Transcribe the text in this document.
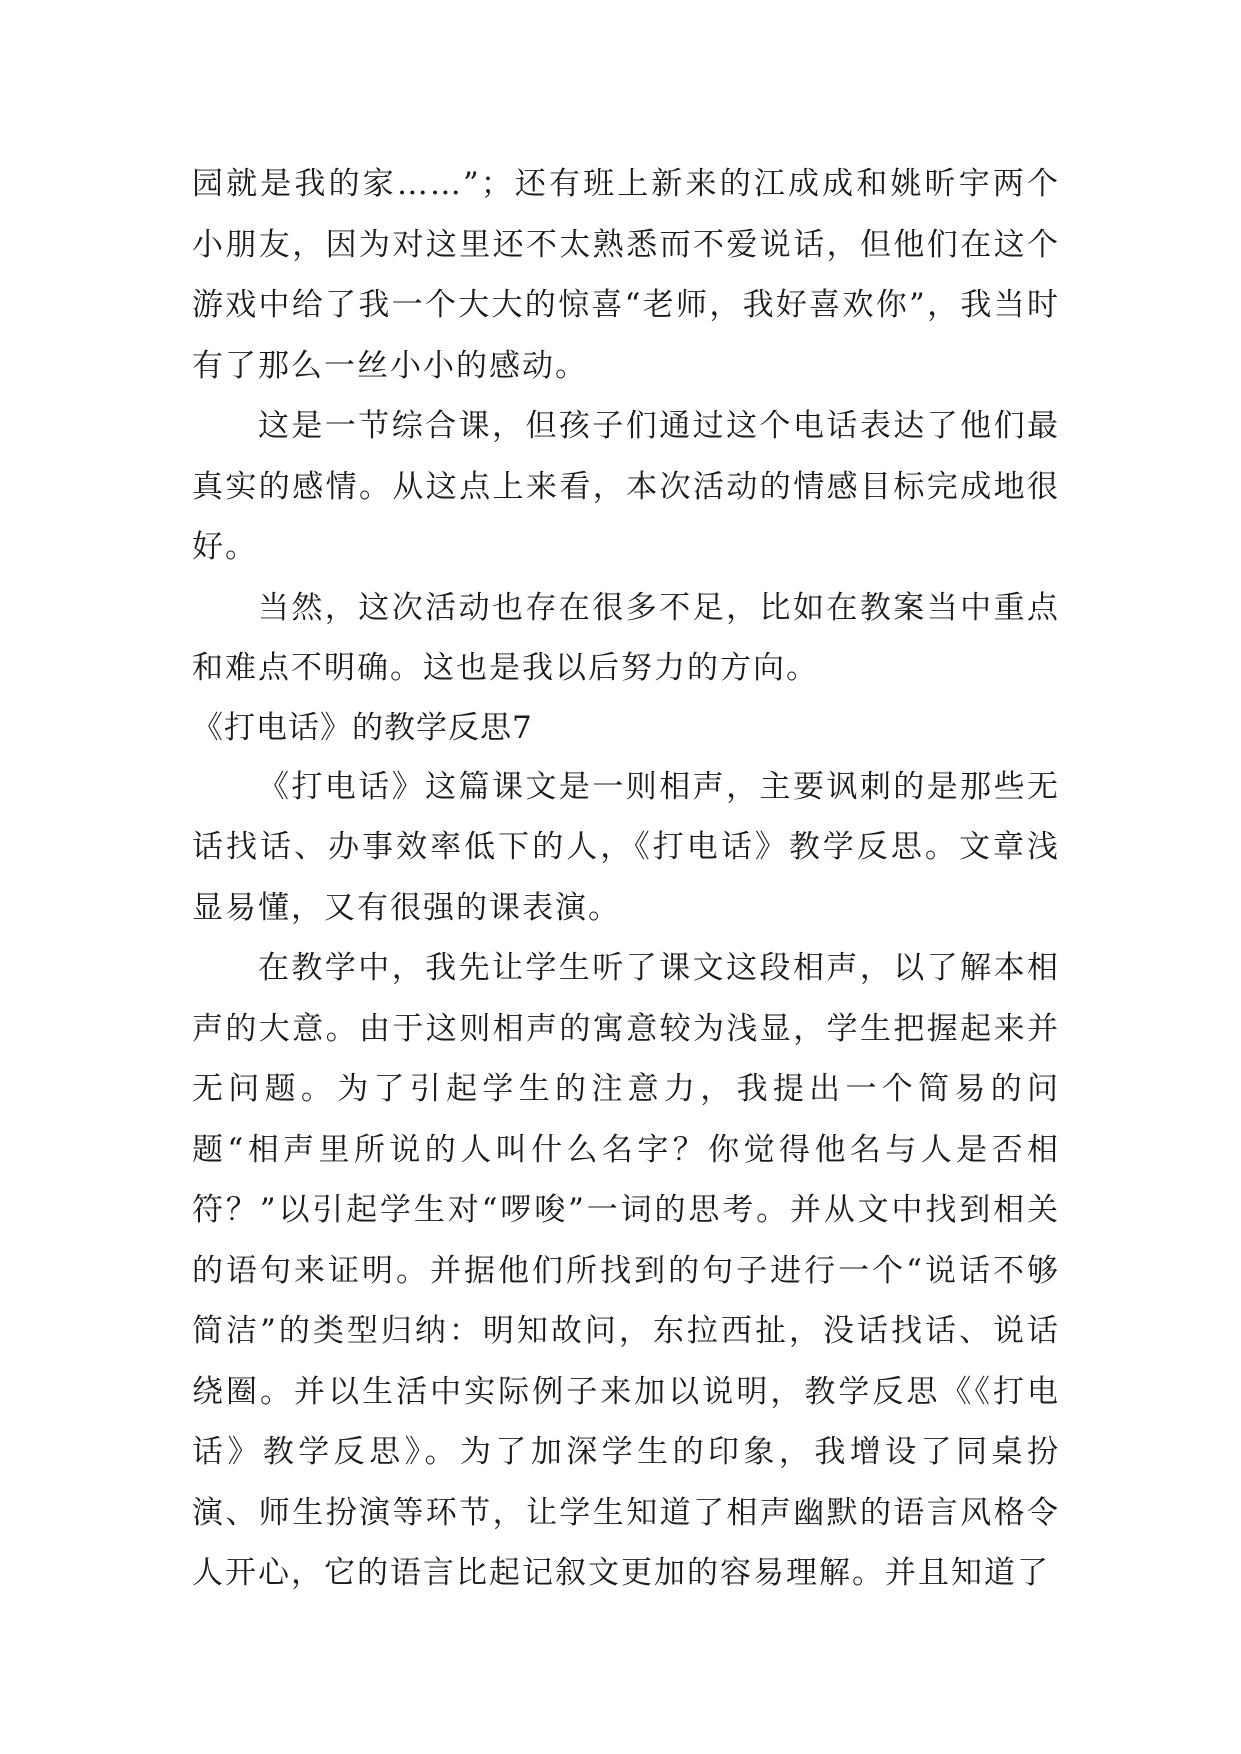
园就是我的家……”；还有班上新来的江成成和姚昕宇两个小朋友，因为对这里还不太熟悉而不爱说话，但他们在这个游戏中给了我一个大大的惊喜“老师，我好喜欢你”，我当时有了那么一丝小小的感动。

这是一节综合课，但孩子们通过这个电话表达了他们最真实的感情。从这点上来看，本次活动的情感目标完成地很好。

当然，这次活动也存在很多不足，比如在教案当中重点和难点不明确。这也是我以后努力的方向。

《打电话》的教学反思7

《打电话》这篇课文是一则相声，主要讽刺的是那些无话找话、办事效率低下的人，《打电话》教学反思。文章浅显易懂，又有很强的课表演。

在教学中，我先让学生听了课文这段相声，以了解本相声的大意。由于这则相声的寓意较为浅显，学生把握起来并无问题。为了引起学生的注意力，我提出一个简易的问题“相声里所说的人叫什么名字？你觉得他名与人是否相符？”以引起学生对“啰唆”一词的思考。并从文中找到相关的语句来证明。并据他们所找到的句子进行一个“说话不够简洁”的类型归纳：明知故问，东拉西扯，没话找话、说话绕圈。并以生活中实际例子来加以说明，教学反思《《打电话》教学反思》。为了加深学生的印象，我增设了同桌扮演、师生扮演等环节，让学生知道了相声幽默的语言风格令人开心，它的语言比起记叙文更加的容易理解。并且知道了
